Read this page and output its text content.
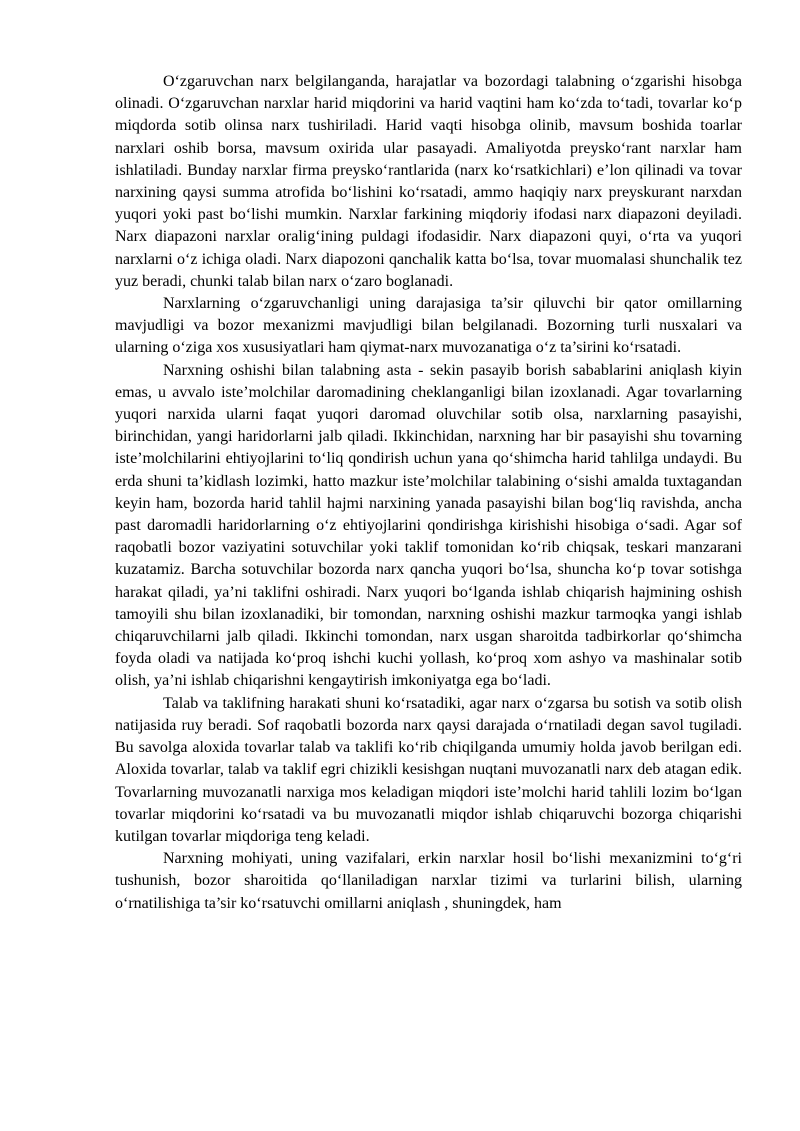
O‘zgaruvchan narx belgilanganda, harajatlar va bozordagi talabning o‘zgarishi hisobga olinadi. O‘zgaruvchan narxlar harid miqdorini va harid vaqtini ham ko‘zda to‘tadi, tovarlar ko‘p miqdorda sotib olinsa narx tushiriladi. Harid vaqti hisobga olinib, mavsum boshida toarlar narxlari oshib borsa, mavsum oxirida ular pasayadi. Amaliyotda preysko‘rant narxlar ham ishlatiladi. Bunday narxlar firma preysko‘rantlarida (narx ko‘rsatkichlari) e’lon qilinadi va tovar narxining qaysi summa atrofida bo‘lishini ko‘rsatadi, ammo haqiqiy narx preyskurant narxdan yuqori yoki past bo‘lishi mumkin. Narxlar farkining miqdoriy ifodasi narx diapazoni deyiladi. Narx diapazoni narxlar oralig‘ining puldagi ifodasidir. Narx diapazoni quyi, o‘rta va yuqori narxlarni o‘z ichiga oladi. Narx diapozoni qanchalik katta bo‘lsa, tovar muomalasi shunchalik tez yuz beradi, chunki talab bilan narx o‘zaro boglanadi.

Narxlarning o‘zgaruvchanligi uning darajasiga ta’sir qiluvchi bir qator omillarning mavjudligi va bozor mexanizmi mavjudligi bilan belgilanadi. Bozorning turli nusxalari va ularning o‘ziga xos xususiyatlari ham qiymat-narx muvozanatiga o‘z ta’sirini ko‘rsatadi.

Narxning oshishi bilan talabning asta - sekin pasayib borish sabablarini aniqlash kiyin emas, u avvalo iste’molchilar daromadining cheklanganligi bilan izoxlanadi. Agar tovarlarning yuqori narxida ularni faqat yuqori daromad oluvchilar sotib olsa, narxlarning pasayishi, birinchidan, yangi haridorlarni jalb qiladi. Ikkinchidan, narxning har bir pasayishi shu tovarning iste’molchilarini ehtiyojlarini to‘liq qondirish uchun yana qo‘shimcha harid tahlilga undaydi. Bu erda shuni ta’kidlash lozimki, hatto mazkur iste’molchilar talabining o‘sishi amalda tuxtagandan keyin ham, bozorda harid tahlil hajmi narxining yanada pasayishi bilan bog‘liq ravishda, ancha past daromadli haridorlarning o‘z ehtiyojlarini qondirishga kirishishi hisobiga o‘sadi. Agar sof raqobatli bozor vaziyatini sotuvchilar yoki taklif tomonidan ko‘rib chiqsak, teskari manzarani kuzatamiz. Barcha sotuvchilar bozorda narx qancha yuqori bo‘lsa, shuncha ko‘p tovar sotishga harakat qiladi, ya’ni taklifni oshiradi. Narx yuqori bo‘lganda ishlab chiqarish hajmining oshish tamoyili shu bilan izoxlanadiki, bir tomondan, narxning oshishi mazkur tarmoqka yangi ishlab chiqaruvchilarni jalb qiladi. Ikkinchi tomondan, narx usgan sharoitda tadbirkorlar qo‘shimcha foyda oladi va natijada ko‘proq ishchi kuchi yollash, ko‘proq xom ashyo va mashinalar sotib olish, ya’ni ishlab chiqarishni kengaytirish imkoniyatga ega bo‘ladi.

Talab va taklifning harakati shuni ko‘rsatadiki, agar narx o‘zgarsa bu sotish va sotib olish natijasida ruy beradi. Sof raqobatli bozorda narx qaysi darajada o‘rnatiladi degan savol tugiladi. Bu savolga aloxida tovarlar talab va taklifi ko‘rib chiqilganda umumiy holda javob berilgan edi. Aloxida tovarlar, talab va taklif egri chizikli kesishgan nuqtani muvozanatli narx deb atagan edik. Tovarlarning muvozanatli narxiga mos keladigan miqdori iste’molchi harid tahlili lozim bo‘lgan tovarlar miqdorini ko‘rsatadi va bu muvozanatli miqdor ishlab chiqaruvchi bozorga chiqarishi kutilgan tovarlar miqdoriga teng keladi.

Narxning mohiyati, uning vazifalari, erkin narxlar hosil bo‘lishi mexanizmini to‘g‘ri tushunish, bozor sharoitida qo‘llaniladigan narxlar tizimi va turlarini bilish, ularning o‘rnatilishiga ta’sir ko‘rsatuvchi omillarni aniqlash , shuningdek, ham
